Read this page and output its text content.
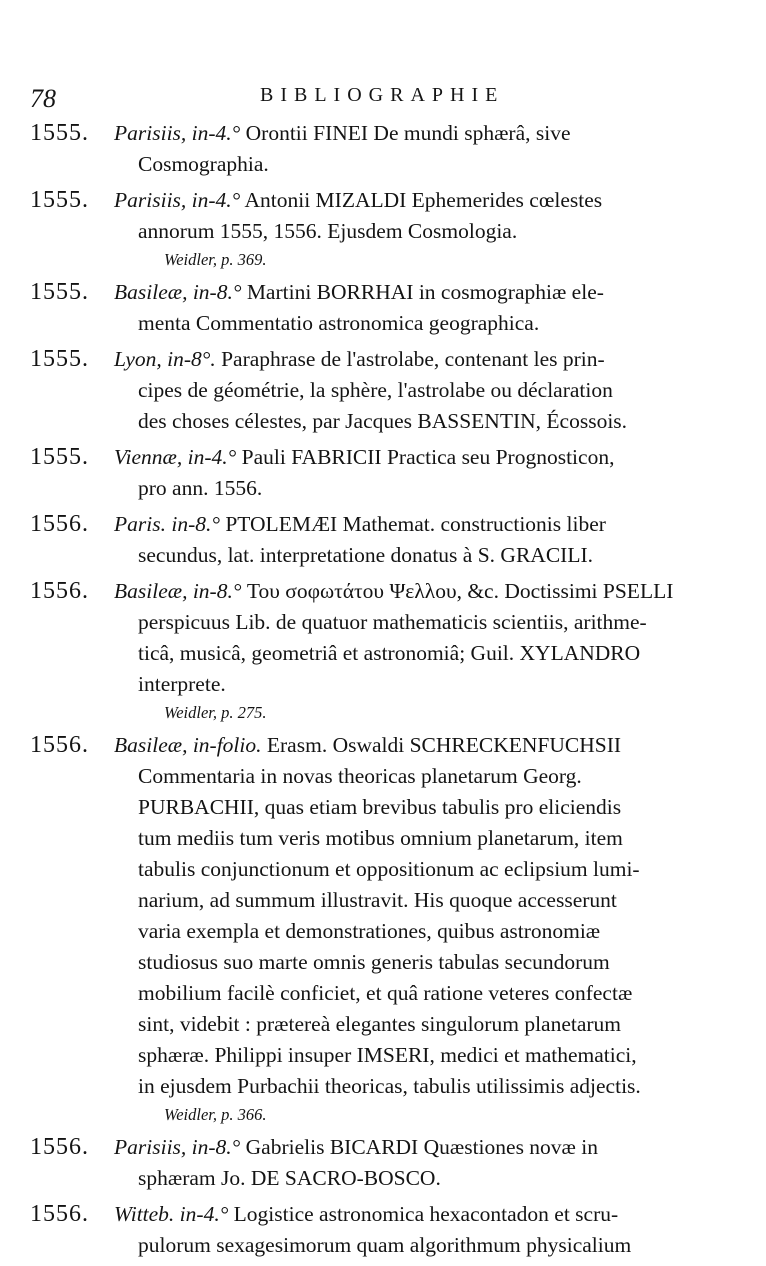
78	BIBLIOGRAPHIE
1555.	Parisiis, in-4.° Orontii FINEI De mundi sphærâ, sive
Cosmographia.
1555.	Parisiis, in-4.° Antonii MIZALDI Ephemerides cœlestes
annorum 1555, 1556. Ejusdem Cosmologia.
Weidler, p. 369.
1555.	Basileæ, in-8.° Martini BORRHAI in cosmographiæ ele-
menta Commentatio astronomica geographica.
1555.	Lyon, in-8°. Paraphrase de l'astrolabe, contenant les prin-
cipes de géométrie, la sphère, l'astrolabe ou déclaration
des choses célestes, par Jacques BASSENTIN, Écossois.
1555.	Viennæ, in-4.° Pauli FABRICII Practica seu Prognosticon,
pro ann. 1556.
1556.	Paris. in-8.° PTOLEMÆI Mathemat. constructionis liber
secundus, lat. interpretatione donatus à S. GRACILI.
1556.	Basileæ, in-8.° Του σοφωτάτου Ψελλου, &c. Doctissimi PSELLI
perspicuus Lib. de quatuor mathematicis scientiis, arithme-
ticâ, musicâ, geometriâ et astronomiâ; Guil. XYLANDRO
interprete.
Weidler, p. 275.
1556.	Basileæ, in-folio. Erasm. Oswaldi SCHRECKENFUCHSII
Commentaria in novas theoricas planetarum Georg.
PURBACHII, quas etiam brevibus tabulis pro eliciendis
tum mediis tum veris motibus omnium planetarum, item
tabulis conjunctionum et oppositionum ac eclipsium lumi-
narium, ad summum illustravit. His quoque accesserunt
varia exempla et demonstrationes, quibus astronomiæ
studiosus suo marte omnis generis tabulas secundorum
mobilium facilè conficiet, et quâ ratione veteres confectæ
sint, videbit : prætereà elegantes singulorum planetarum
sphæræ. Philippi insuper IMSERI, medici et mathematici,
in ejusdem Purbachii theoricas, tabulis utilissimis adjectis.
Weidler, p. 366.
1556.	Parisiis, in-8.° Gabrielis BICARDI Quæstiones novæ in
sphæram Jo. DE SACRO-BOSCO.
1556.	Witteb. in-4.° Logistice astronomica hexacontadon et scru-
pulorum sexagesimorum quam algorithmum physicalium
